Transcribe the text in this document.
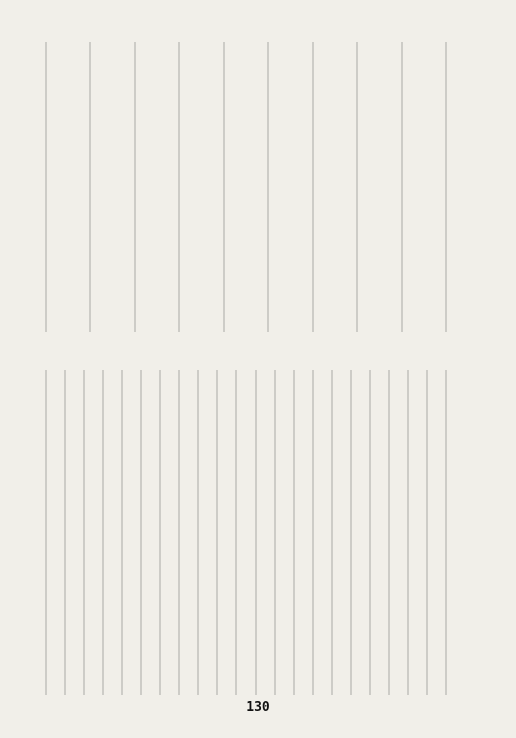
130
